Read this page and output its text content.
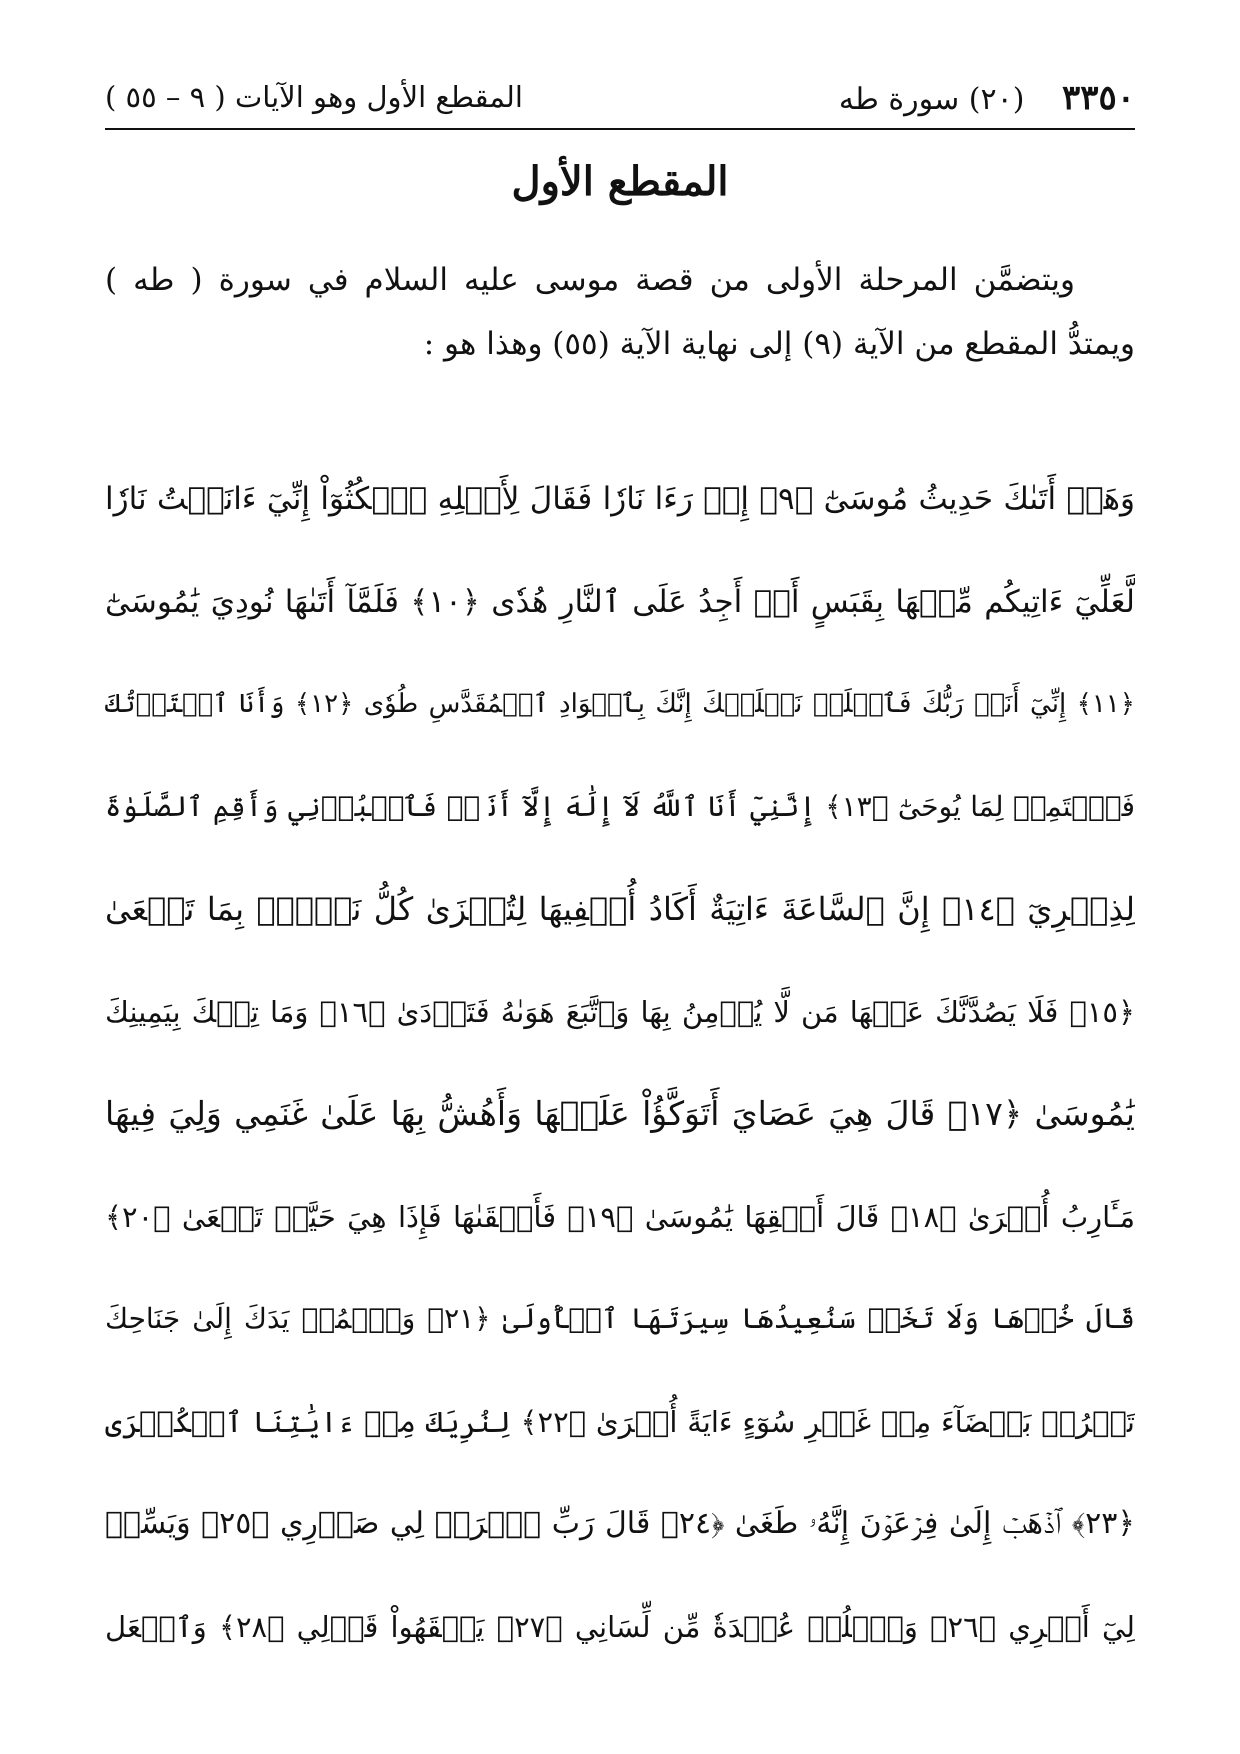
٣٣٥٠ (٢٠) سورة طه
المقطع الأول وهو الآيات ( ٩ – ٥٥ )
المقطع الأول

ويتضمَّن المرحلة الأولى من قصة موسى عليه السلام في سورة ( طه ) ويمتدُّ المقطع من الآية (٩) إلى نهاية الآية (٥٥) وهذا هو :

وَهَلۡ أَتَىٰكَ حَدِيثُ مُوسَىٰٓ ﴿٩﴾ إِذۡ رَءَا نَارٗا فَقَالَ لِأَهۡلِهِ ٱمۡكُثُوٓاْ إِنِّيٓ ءَانَسۡتُ نَارٗا
لَّعَلِّيٓ ءَاتِيكُم مِّنۡهَا بِقَبَسٍ أَوۡ أَجِدُ عَلَى ٱلنَّارِ هُدٗى ﴿١٠﴾ فَلَمَّآ أَتَىٰهَا نُودِيَ يَٰمُوسَىٰٓ
﴿١١﴾ إِنِّيٓ أَنَا۠ رَبُّكَ فَٱخۡلَعۡ نَعۡلَيۡكَ إِنَّكَ بِٱلۡوَادِ ٱلۡمُقَدَّسِ طُوٗى ﴿١٢﴾ وَأَنَا ٱخۡتَرۡتُكَ
فَٱسۡتَمِعۡ لِمَا يُوحَىٰٓ ﴿١٣﴾ إِنَّنِيٓ أَنَا ٱللَّهُ لَآ إِلَٰهَ إِلَّآ أَنَا۠ فَٱعۡبُدۡنِي وَأَقِمِ ٱلصَّلَوٰةَ
لِذِكۡرِيٓ ﴿١٤﴾ إِنَّ ٱلسَّاعَةَ ءَاتِيَةٌ أَكَادُ أُخۡفِيهَا لِتُجۡزَىٰ كُلُّ نَفۡسِۭ بِمَا تَسۡعَىٰ
﴿١٥﴾ فَلَا يَصُدَّنَّكَ عَنۡهَا مَن لَّا يُؤۡمِنُ بِهَا وَٱتَّبَعَ هَوَىٰهُ فَتَرۡدَىٰ ﴿١٦﴾ وَمَا تِلۡكَ بِيَمِينِكَ
يَٰمُوسَىٰ ﴿١٧﴾ قَالَ هِيَ عَصَايَ أَتَوَكَّؤُاْ عَلَيۡهَا وَأَهُشُّ بِهَا عَلَىٰ غَنَمِي وَلِيَ فِيهَا
مَـَٔارِبُ أُخۡرَىٰ ﴿١٨﴾ قَالَ أَلۡقِهَا يَٰمُوسَىٰ ﴿١٩﴾ فَأَلۡقَىٰهَا فَإِذَا هِيَ حَيَّةٞ تَسۡعَىٰ ﴿٢٠﴾
قَالَ خُذۡهَا وَلَا تَخَفۡ سَنُعِيدُهَا سِيرَتَهَا ٱلۡأُولَىٰ ﴿٢١﴾ وَٱضۡمُمۡ يَدَكَ إِلَىٰ جَنَاحِكَ
تَخۡرُجۡ بَيۡضَآءَ مِنۡ غَيۡرِ سُوٓءٍ ءَايَةً أُخۡرَىٰ ﴿٢٢﴾ لِنُرِيَكَ مِنۡ ءَايَٰتِنَا ٱلۡكُبۡرَى
﴿٢٣﴾ ٱذۡهَبۡ إِلَىٰ فِرۡعَوۡنَ إِنَّهُۥ طَغَىٰ ﴿٢٤﴾ قَالَ رَبِّ ٱشۡرَحۡ لِي صَدۡرِي ﴿٢٥﴾ وَيَسِّرۡ
لِيٓ أَمۡرِي ﴿٢٦﴾ وَٱحۡلُلۡ عُقۡدَةٗ مِّن لِّسَانِي ﴿٢٧﴾ يَفۡقَهُواْ قَوۡلِي ﴿٢٨﴾ وَٱجۡعَل
